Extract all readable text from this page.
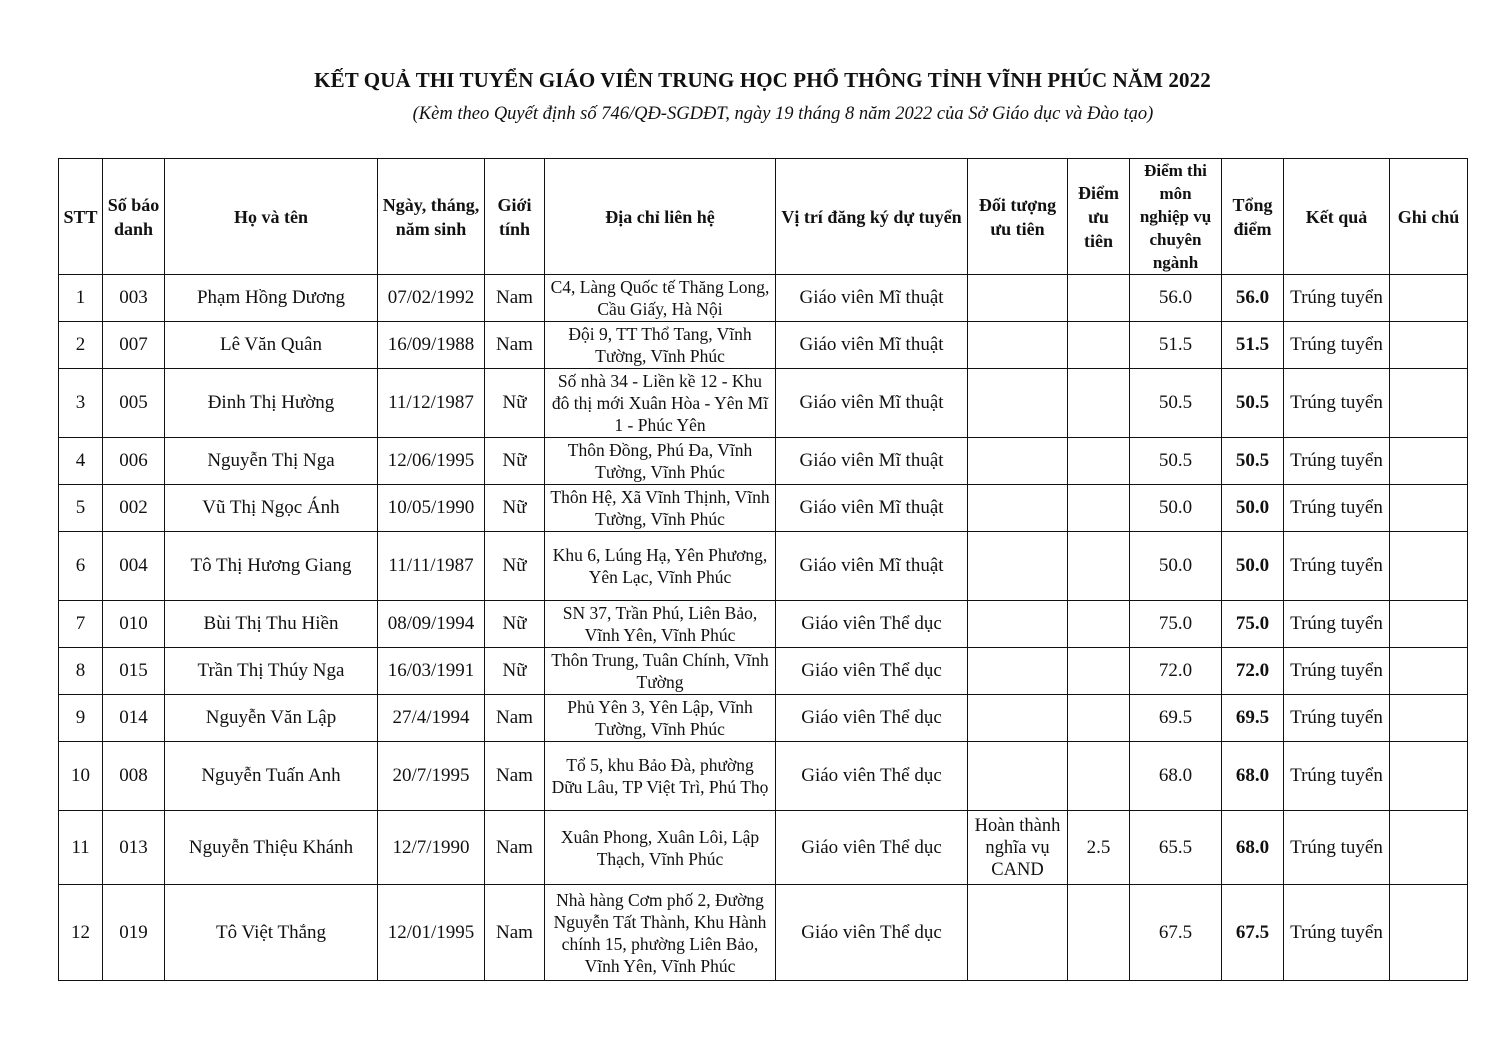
KẾT QUẢ THI TUYỂN GIÁO VIÊN TRUNG HỌC PHỔ THÔNG TỈNH VĨNH PHÚC NĂM 2022
(Kèm theo Quyết định số 746/QĐ-SGDĐT, ngày 19 tháng 8 năm 2022 của Sở Giáo dục và Đào tạo)
STT	Số báo
danh	Họ và tên	Ngày, tháng,
năm sinh	Giới
tính	Địa chỉ liên hệ	Vị trí đăng ký dự tuyển	Đối tượng
ưu tiên	Điểm
ưu
tiên	Điểm thi
môn
nghiệp vụ
chuyên
ngành	Tổng
điểm	Kết quả	Ghi chú
1	003	Phạm Hồng Dương	07/02/1992	Nam	C4, Làng Quốc tế Thăng Long,
Cầu Giấy, Hà Nội	Giáo viên Mĩ thuật			56.0	56.0	Trúng tuyển	
2	007	Lê Văn Quân	16/09/1988	Nam	Đội 9, TT Thổ Tang, Vĩnh
Tường, Vĩnh Phúc	Giáo viên Mĩ thuật			51.5	51.5	Trúng tuyển	
3	005	Đinh Thị Hường	11/12/1987	Nữ	Số nhà 34 - Liền kề 12 - Khu
đô thị mới Xuân Hòa - Yên Mĩ
1 - Phúc Yên	Giáo viên Mĩ thuật			50.5	50.5	Trúng tuyển	
4	006	Nguyễn Thị Nga	12/06/1995	Nữ	Thôn Đồng, Phú Đa, Vĩnh
Tường, Vĩnh Phúc	Giáo viên Mĩ thuật			50.5	50.5	Trúng tuyển	
5	002	Vũ Thị Ngọc Ánh	10/05/1990	Nữ	Thôn Hệ, Xã Vĩnh Thịnh, Vĩnh
Tường, Vĩnh Phúc	Giáo viên Mĩ thuật			50.0	50.0	Trúng tuyển	
6	004	Tô Thị Hương Giang	11/11/1987	Nữ	Khu 6, Lúng Hạ, Yên Phương,
Yên Lạc, Vĩnh Phúc	Giáo viên Mĩ thuật			50.0	50.0	Trúng tuyển	
7	010	Bùi Thị Thu Hiền	08/09/1994	Nữ	SN 37, Trần Phú, Liên Bảo,
Vĩnh Yên, Vĩnh Phúc	Giáo viên Thể dục			75.0	75.0	Trúng tuyển	
8	015	Trần Thị Thúy Nga	16/03/1991	Nữ	Thôn Trung, Tuân Chính, Vĩnh
Tường	Giáo viên Thể dục			72.0	72.0	Trúng tuyển	
9	014	Nguyễn Văn Lập	27/4/1994	Nam	Phủ Yên 3, Yên Lập, Vĩnh
Tường, Vĩnh Phúc	Giáo viên Thể dục			69.5	69.5	Trúng tuyển	
10	008	Nguyễn Tuấn Anh	20/7/1995	Nam	Tổ 5, khu Bảo Đà, phường
Dữu Lâu, TP Việt Trì, Phú Thọ	Giáo viên Thể dục			68.0	68.0	Trúng tuyển	
11	013	Nguyễn Thiệu Khánh	12/7/1990	Nam	Xuân Phong, Xuân Lôi, Lập
Thạch, Vĩnh Phúc	Giáo viên Thể dục	Hoàn thành
nghĩa vụ
CAND	2.5	65.5	68.0	Trúng tuyển	
12	019	Tô Việt Thắng	12/01/1995	Nam	Nhà hàng Cơm phố 2, Đường
Nguyễn Tất Thành, Khu Hành
chính 15, phường Liên Bảo,
Vĩnh Yên, Vĩnh Phúc	Giáo viên Thể dục			67.5	67.5	Trúng tuyển	
